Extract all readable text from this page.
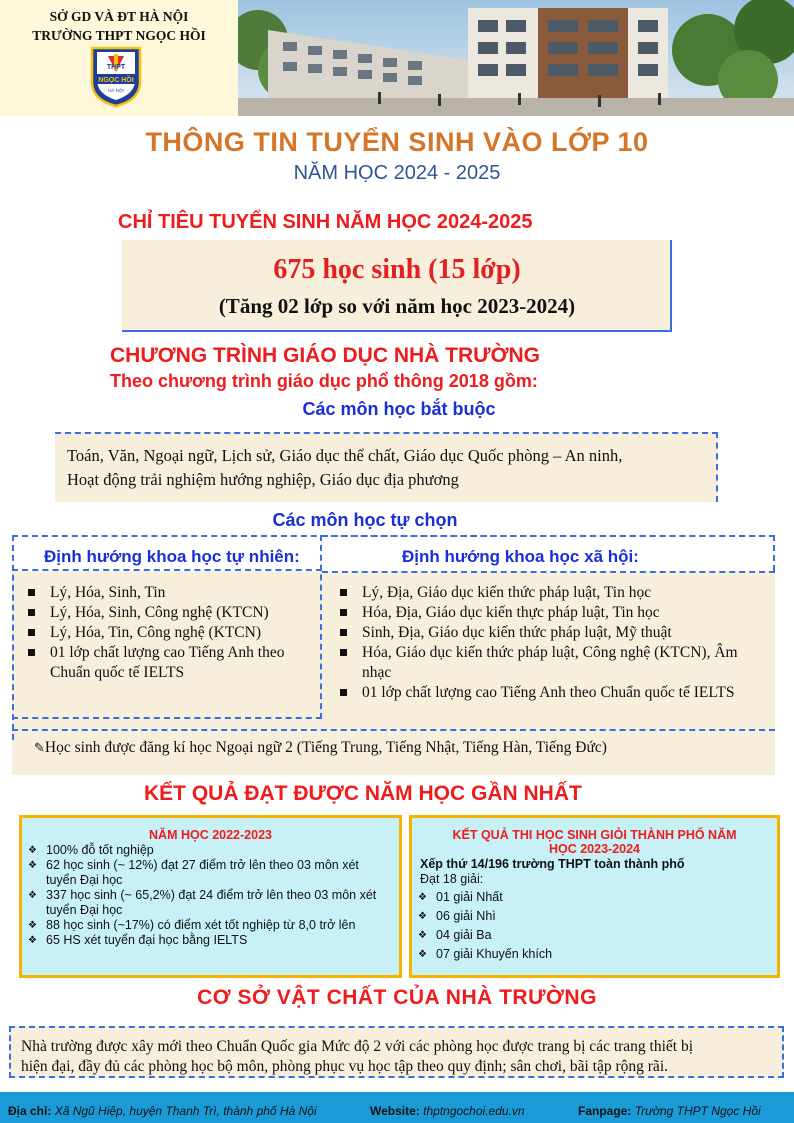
SỞ GD VÀ ĐT HÀ NỘI
TRƯỜNG THPT NGỌC HỒI
THPT
NGỌC HỒI
HÀ NỘI
THÔNG TIN TUYỂN SINH VÀO LỚP 10
NĂM HỌC 2024 - 2025
CHỈ TIÊU TUYỂN SINH NĂM HỌC 2024-2025
675 học sinh (15 lớp)
(Tăng 02 lớp so với năm học 2023-2024)
CHƯƠNG TRÌNH GIÁO DỤC NHÀ TRƯỜNG
Theo chương trình giáo dục phổ thông 2018 gồm:
Các môn học bắt buộc
Toán, Văn, Ngoại ngữ, Lịch sử, Giáo dục thể chất, Giáo dục Quốc phòng – An ninh,
Hoạt động trải nghiệm hướng nghiệp, Giáo dục địa phương
Các môn học tự chọn
Định hướng khoa học tự nhiên:	Định hướng khoa học xã hội:
Lý, Hóa, Sinh, Tin
Lý, Hóa, Sinh, Công nghệ (KTCN)
Lý, Hóa, Tin, Công nghệ (KTCN)
01 lớp chất lượng cao Tiếng Anh theo Chuẩn quốc tế IELTS
Lý, Địa, Giáo dục kiến thức pháp luật, Tin học
Hóa, Địa, Giáo dục kiến thực pháp luật, Tin học
Sinh, Địa, Giáo dục kiến thức pháp luật, Mỹ thuật
Hóa, Giáo dục kiến thức pháp luật, Công nghệ (KTCN), Âm nhạc
01 lớp chất lượng cao Tiếng Anh theo Chuẩn quốc tế IELTS
✎Học sinh được đăng kí học Ngoại ngữ 2 (Tiếng Trung, Tiếng Nhật, Tiếng Hàn, Tiếng Đức)
KẾT QUẢ ĐẠT ĐƯỢC NĂM HỌC GẦN NHẤT
NĂM HỌC 2022-2023
❖ 100% đỗ tốt nghiệp
❖ 62 học sinh (~ 12%) đạt 27 điểm trở lên theo 03 môn xét tuyển Đại học
❖ 337 học sinh (~ 65,2%) đạt 24 điểm trở lên theo 03 môn xét tuyển Đại học
❖ 88 học sinh (~17%) có điểm xét tốt nghiệp từ 8,0 trở lên
❖ 65 HS xét tuyển đại học bằng IELTS
KẾT QUẢ THI HỌC SINH GIỎI THÀNH PHỐ NĂM
HỌC 2023-2024
Xếp thứ 14/196 trường THPT toàn thành phố
Đạt 18 giải:
❖ 01 giải Nhất
❖ 06 giải Nhì
❖ 04 giải Ba
❖ 07 giải Khuyến khích
CƠ SỞ VẬT CHẤT CỦA NHÀ TRƯỜNG
Nhà trường được xây mới theo Chuẩn Quốc gia Mức độ 2 với các phòng học được trang bị các trang thiết bị
hiện đại, đầy đủ các phòng học bộ môn, phòng phục vụ học tập theo quy định; sân chơi, bãi tập rộng rãi.
Địa chỉ: Xã Ngũ Hiệp, huyện Thanh Trì, thành phố Hà Nội	Website: thptngochoi.edu.vn	Fanpage: Trường THPT Ngọc Hồi
